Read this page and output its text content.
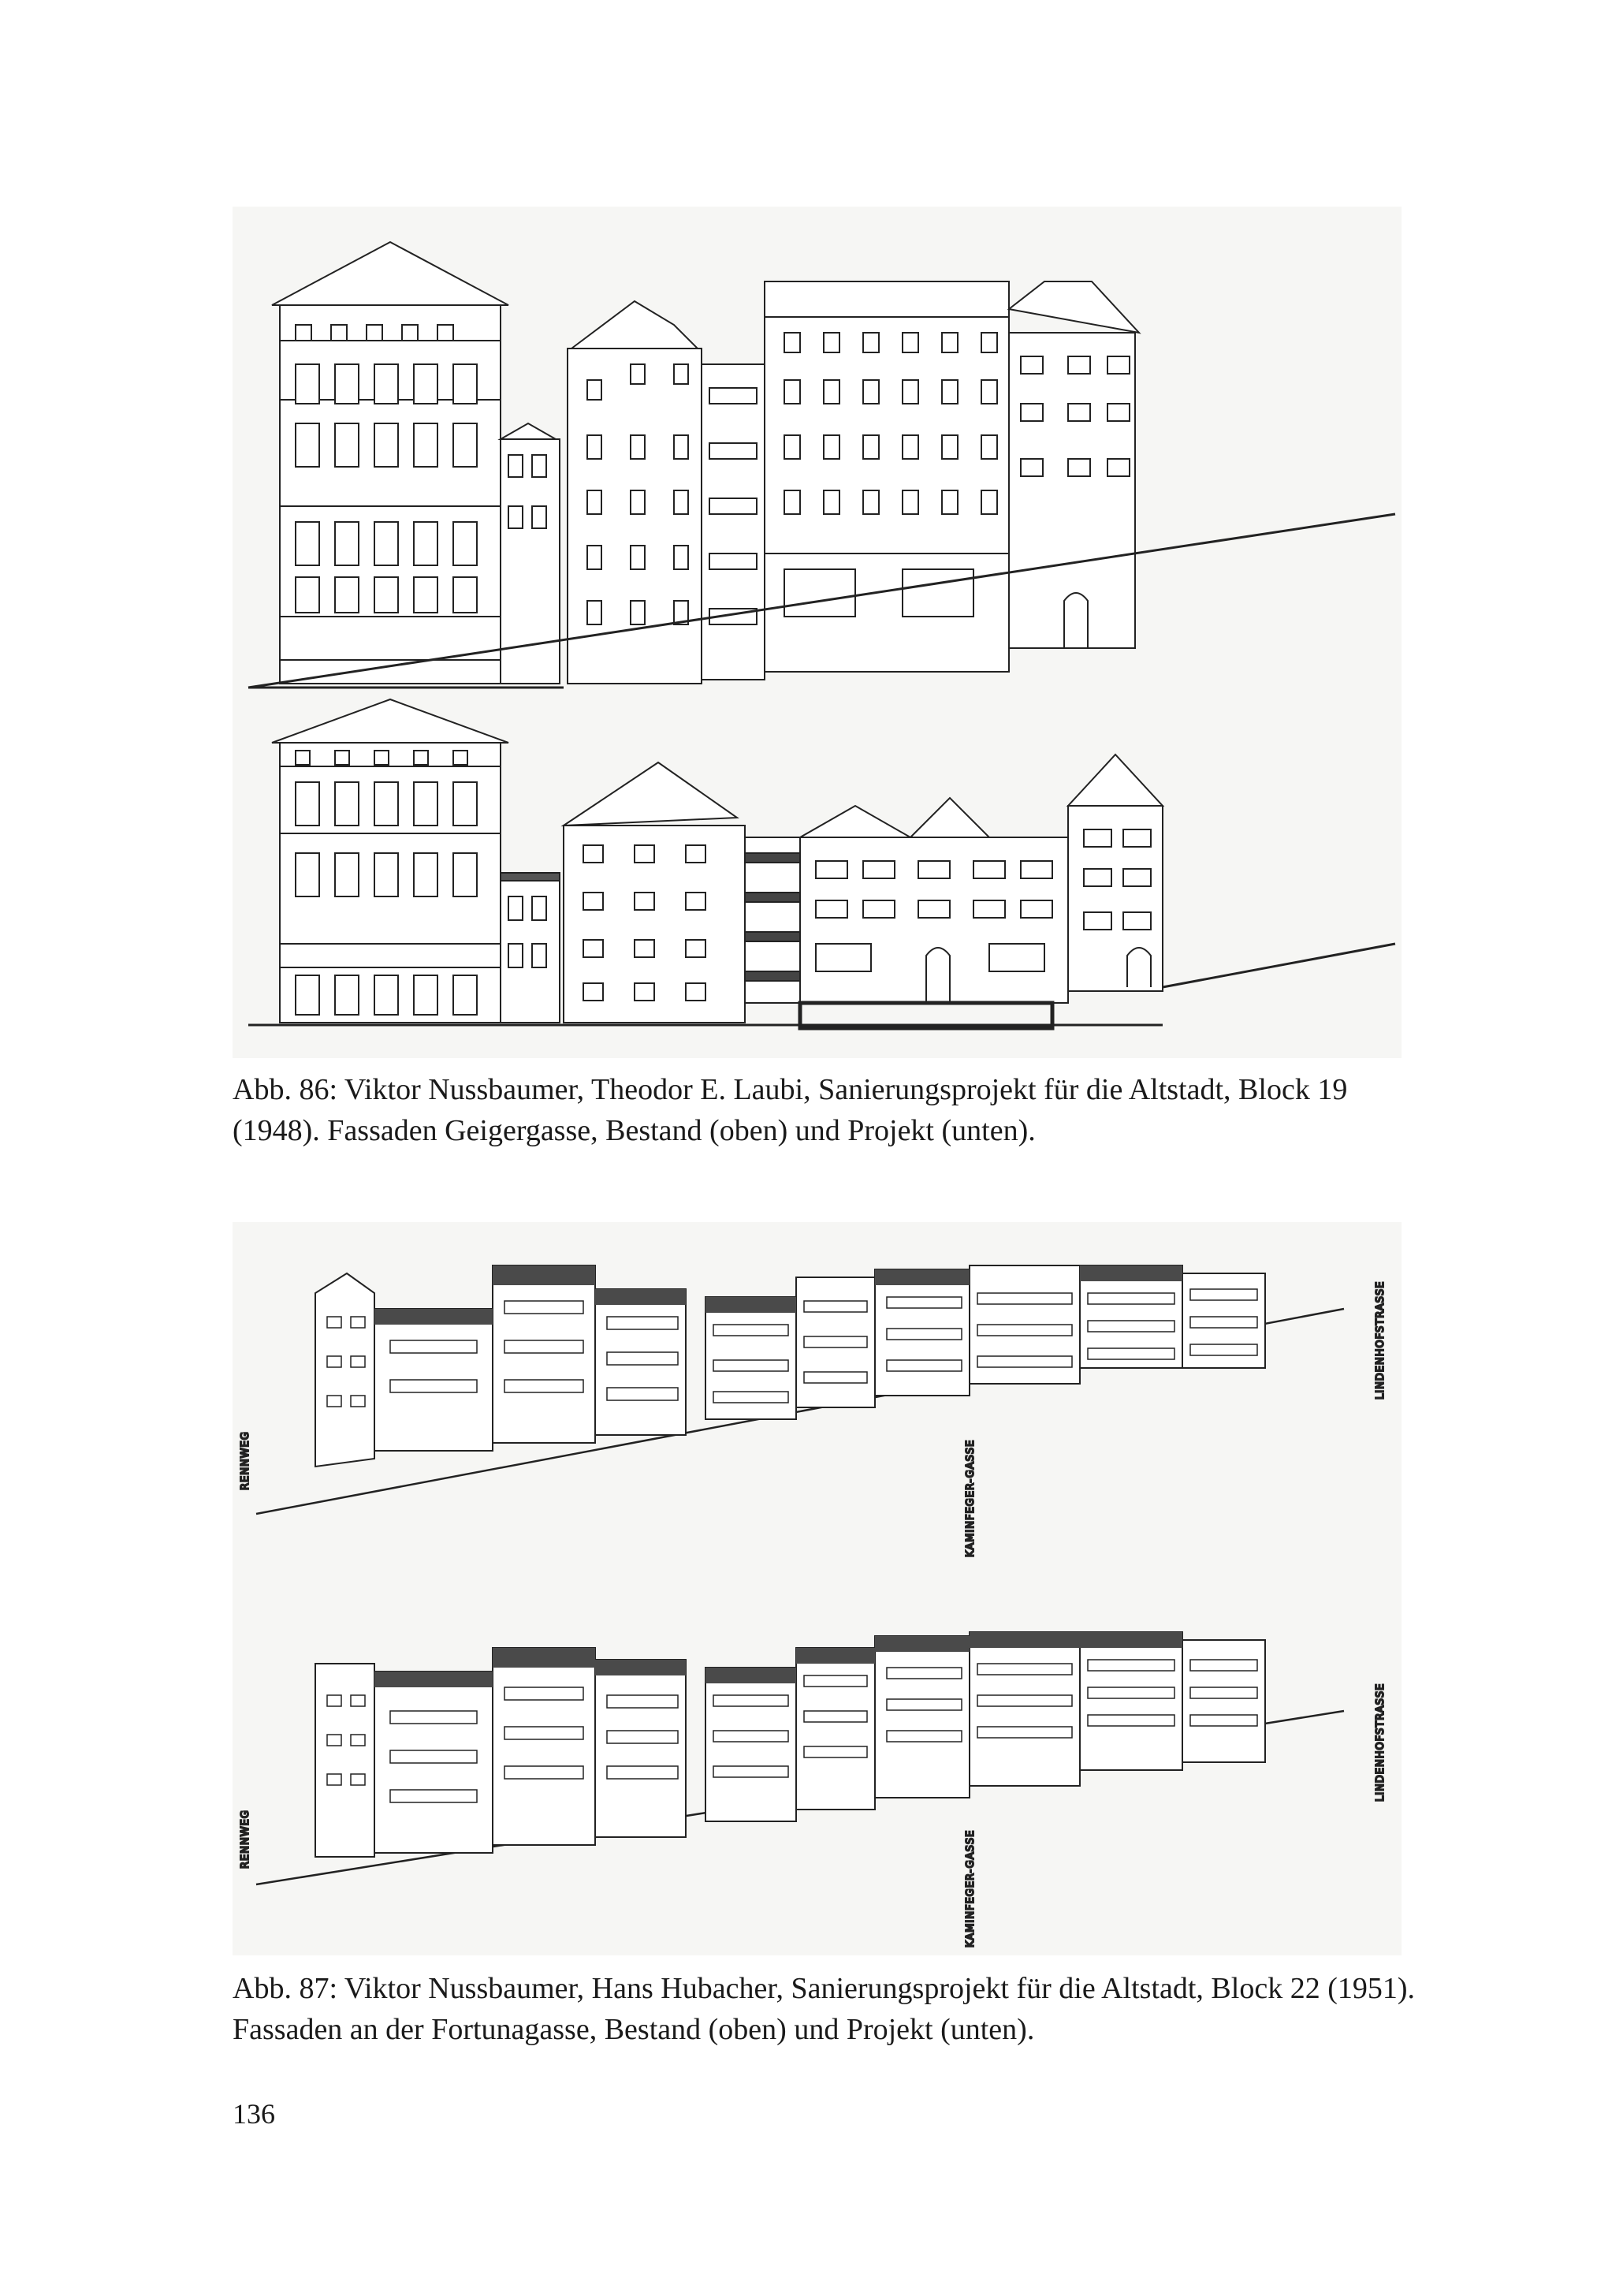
Abb. 86: Viktor Nussbaumer, Theodor E. Laubi, Sanierungsprojekt für die Altstadt, Block 19
(1948). Fassaden Geigergasse, Bestand (oben) und Projekt (unten).
RENNWEG
RENNWEG
KAMINFEGER-GASSE
KAMINFEGER-GASSE
LINDENHOFSTRASSE
LINDENHOFSTRASSE
Abb. 87: Viktor Nussbaumer, Hans Hubacher, Sanierungsprojekt für die Altstadt, Block 22 (1951).
Fassaden an der Fortunagasse, Bestand (oben) und Projekt (unten).
136
